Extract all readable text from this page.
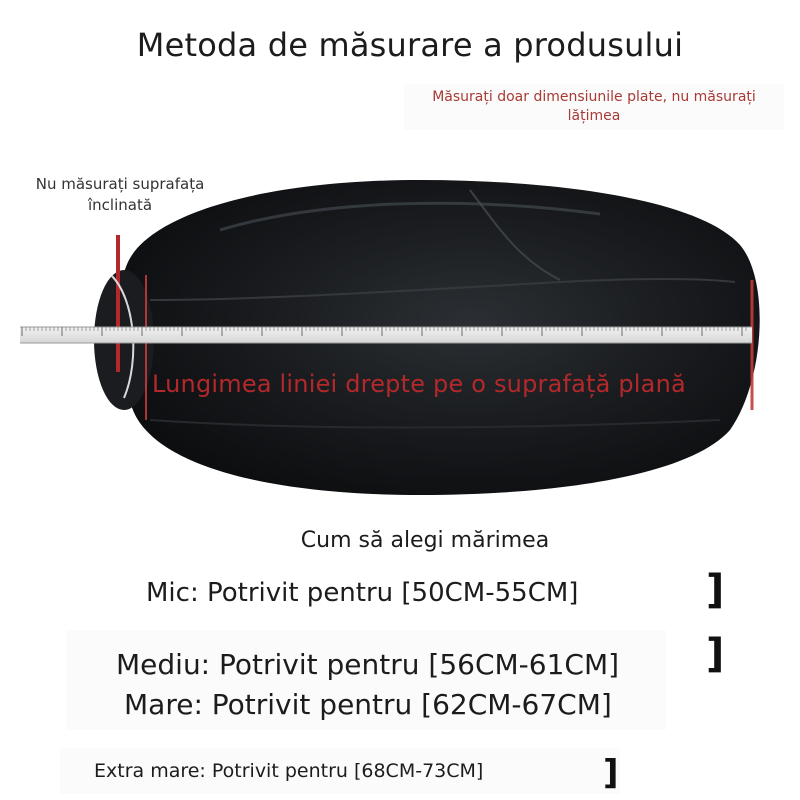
Metoda de măsurare a produsului
Măsurați doar dimensiunile plate, nu măsurați lățimea
Nu măsurați suprafața înclinată
Lungimea liniei drepte pe o suprafață plană
Cum să alegi mărimea
Mic: Potrivit pentru [50CM-55CM]	]
Mediu: Potrivit pentru [56CM-61CM] ]
Mare: Potrivit pentru [62CM-67CM]
Extra mare: Potrivit pentru [68CM-73CM]	]
